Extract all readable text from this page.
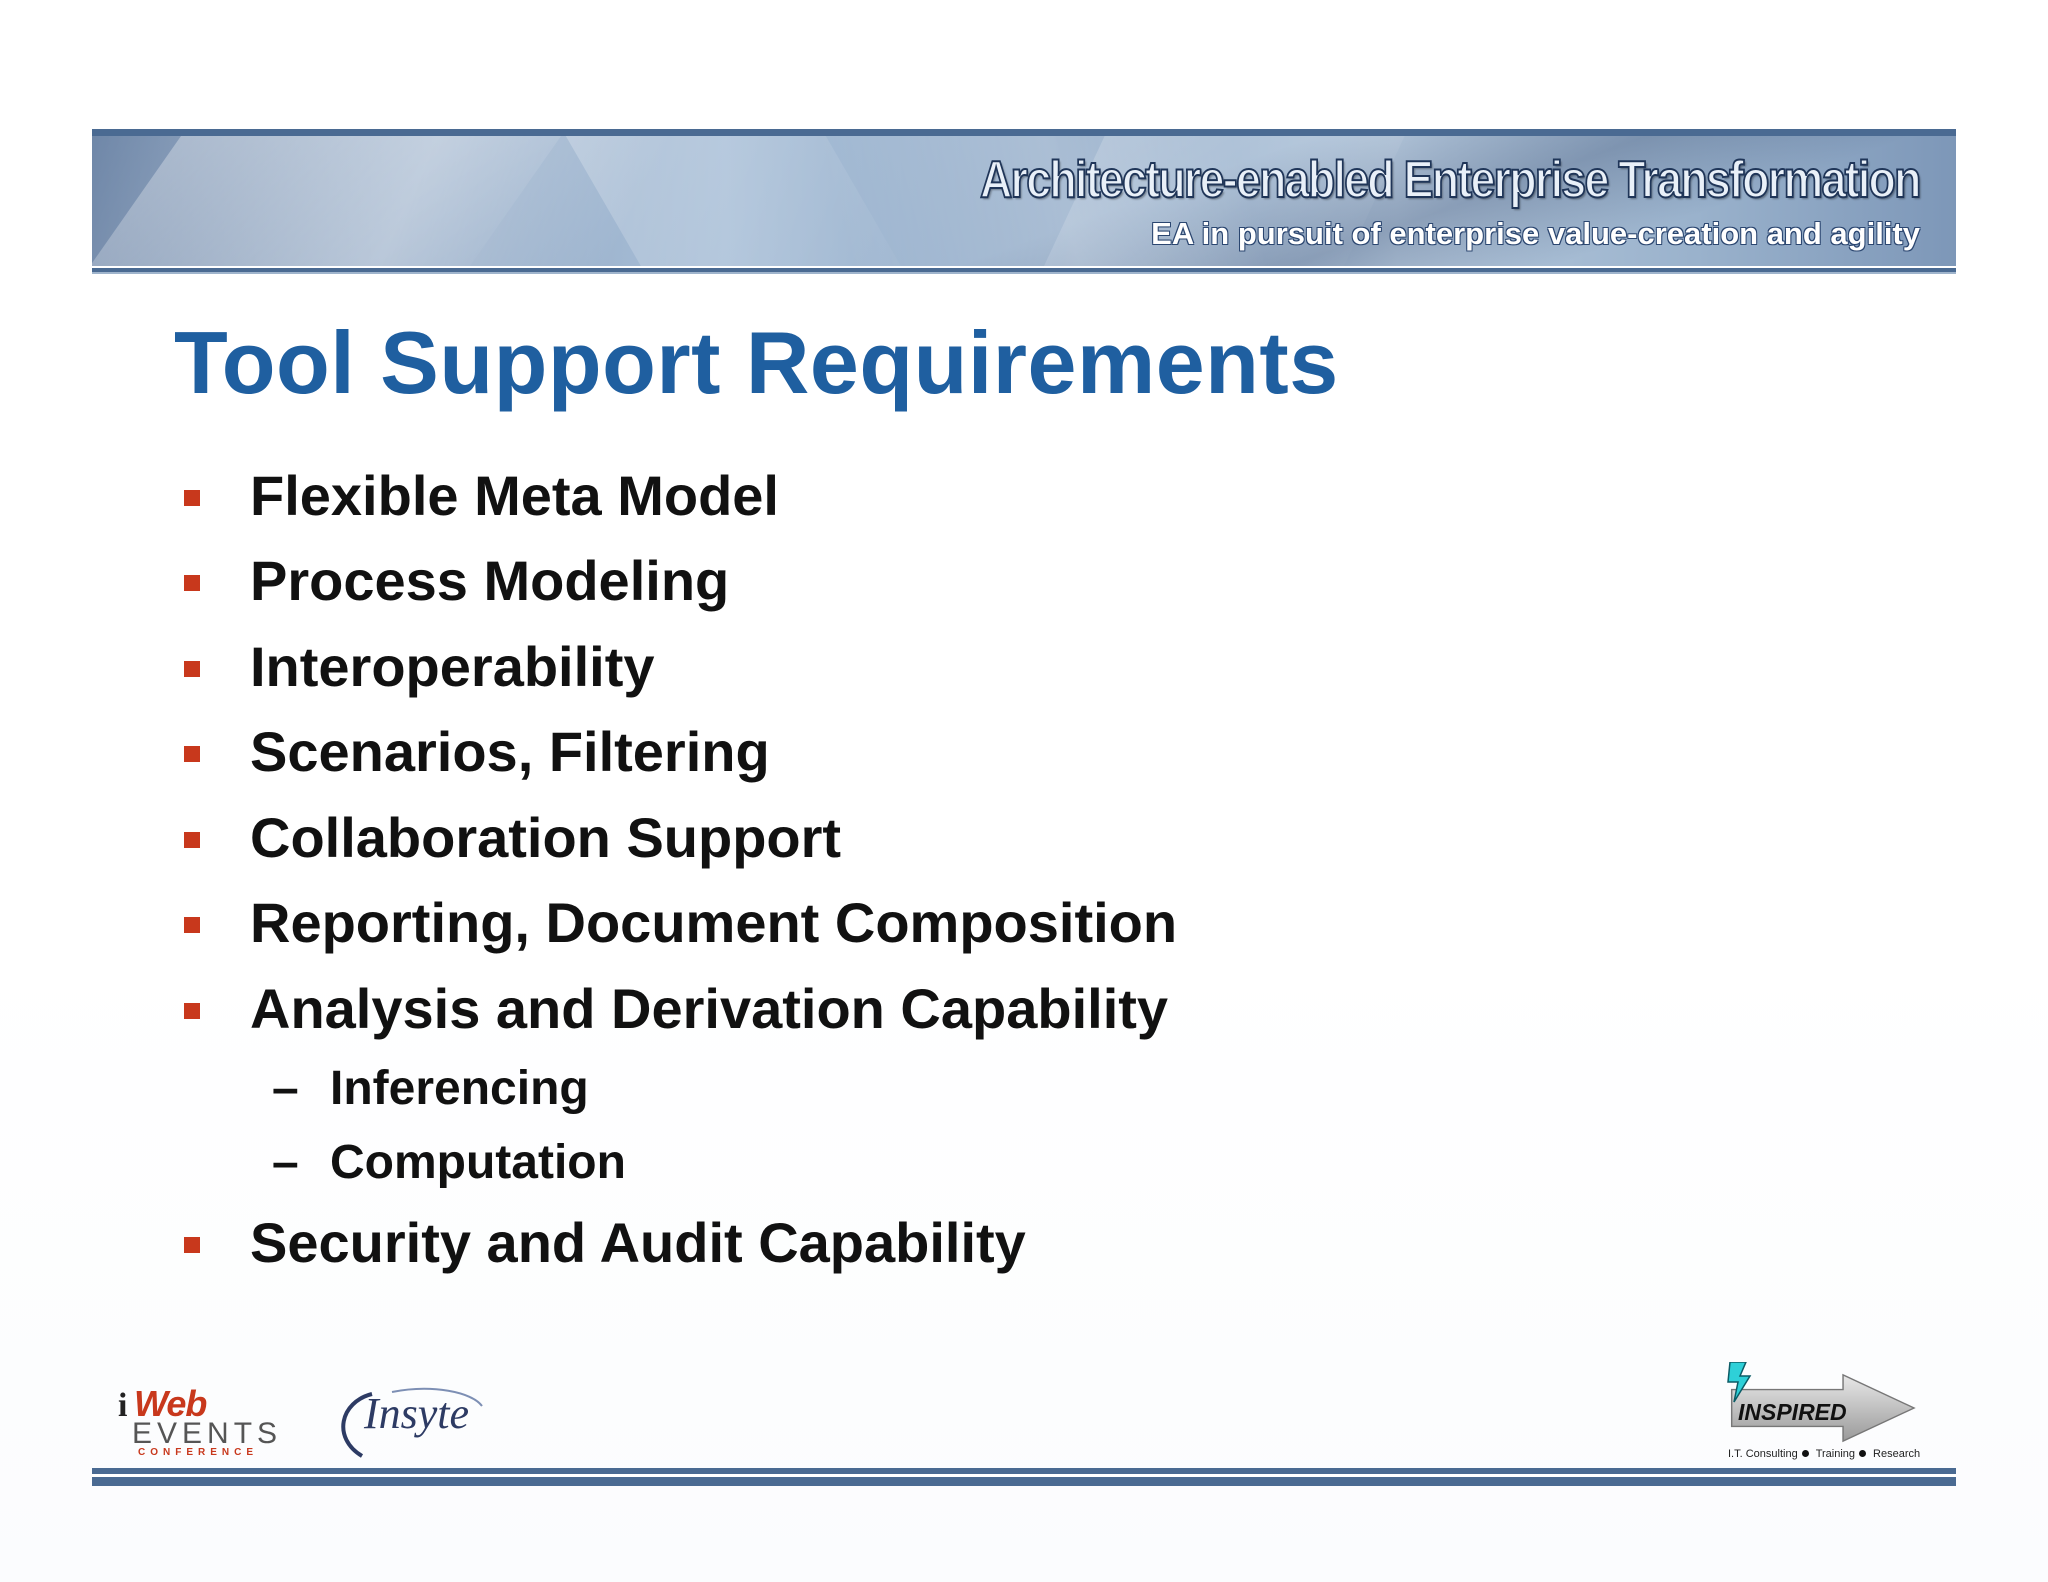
Architecture-enabled Enterprise Transformation
EA in pursuit of enterprise value-creation and agility
Tool Support Requirements
Flexible Meta Model
Process Modeling
Interoperability
Scenarios, Filtering
Collaboration Support
Reporting, Document Composition
Analysis and Derivation Capability
– Inferencing
– Computation
Security and Audit Capability
i Web
EVENTS
CONFERENCE
Insyte	INSPIRED
I.T. Consulting Training Research
